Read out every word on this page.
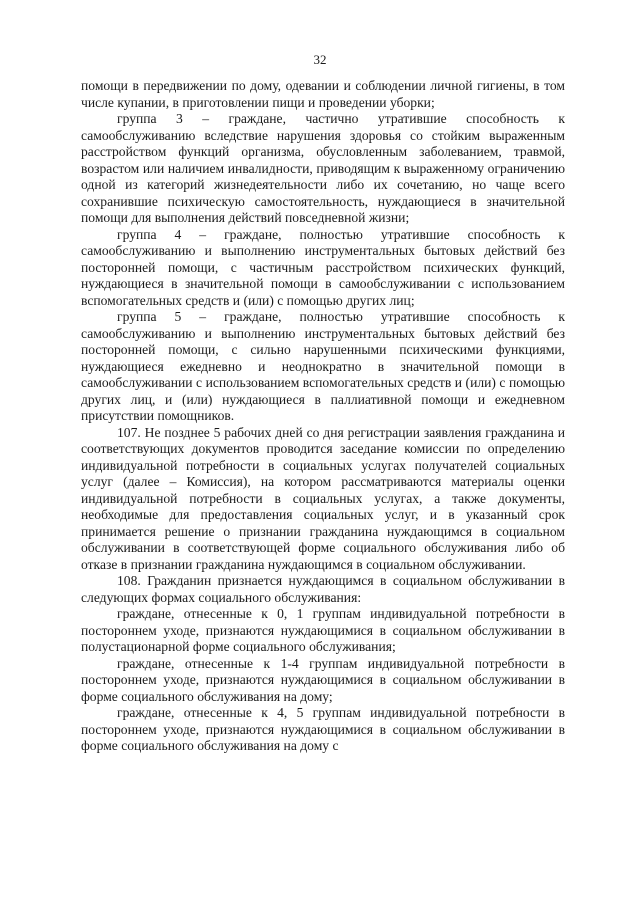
32

помощи в передвижении по дому, одевании и соблюдении личной гигиены, в том числе купании, в приготовлении пищи и проведении уборки;

группа 3 – граждане, частично утратившие способность к самообслуживанию вследствие нарушения здоровья со стойким выраженным расстройством функций организма, обусловленным заболеванием, травмой, возрастом или наличием инвалидности, приводящим к выраженному ограничению одной из категорий жизнедеятельности либо их сочетанию, но чаще всего сохранившие психическую самостоятельность, нуждающиеся в значительной помощи для выполнения действий повседневной жизни;

группа 4 – граждане, полностью утратившие способность к самообслуживанию и выполнению инструментальных бытовых действий без посторонней помощи, с частичным расстройством психических функций, нуждающиеся в значительной помощи в самообслуживании с использованием вспомогательных средств и (или) с помощью других лиц;

группа 5 – граждане, полностью утратившие способность к самообслуживанию и выполнению инструментальных бытовых действий без посторонней помощи, с сильно нарушенными психическими функциями, нуждающиеся ежедневно и неоднократно в значительной помощи в самообслуживании с использованием вспомогательных средств и (или) с помощью других лиц, и (или) нуждающиеся в паллиативной помощи и ежедневном присутствии помощников.

107. Не позднее 5 рабочих дней со дня регистрации заявления гражданина и соответствующих документов проводится заседание комиссии по определению индивидуальной потребности в социальных услугах получателей социальных услуг (далее – Комиссия), на котором рассматриваются материалы оценки индивидуальной потребности в социальных услугах, а также документы, необходимые для предоставления социальных услуг, и в указанный срок принимается решение о признании гражданина нуждающимся в социальном обслуживании в соответствующей форме социального обслуживания либо об отказе в признании гражданина нуждающимся в социальном обслуживании.

108. Гражданин признается нуждающимся в социальном обслуживании в следующих формах социального обслуживания:

граждане, отнесенные к 0, 1 группам индивидуальной потребности в постороннем уходе, признаются нуждающимися в социальном обслуживании в полустационарной форме социального обслуживания;

граждане, отнесенные к 1-4 группам индивидуальной потребности в постороннем уходе, признаются нуждающимися в социальном обслуживании в форме социального обслуживания на дому;

граждане, отнесенные к 4, 5 группам индивидуальной потребности в постороннем уходе, признаются нуждающимися в социальном обслуживании в форме социального обслуживания на дому с
